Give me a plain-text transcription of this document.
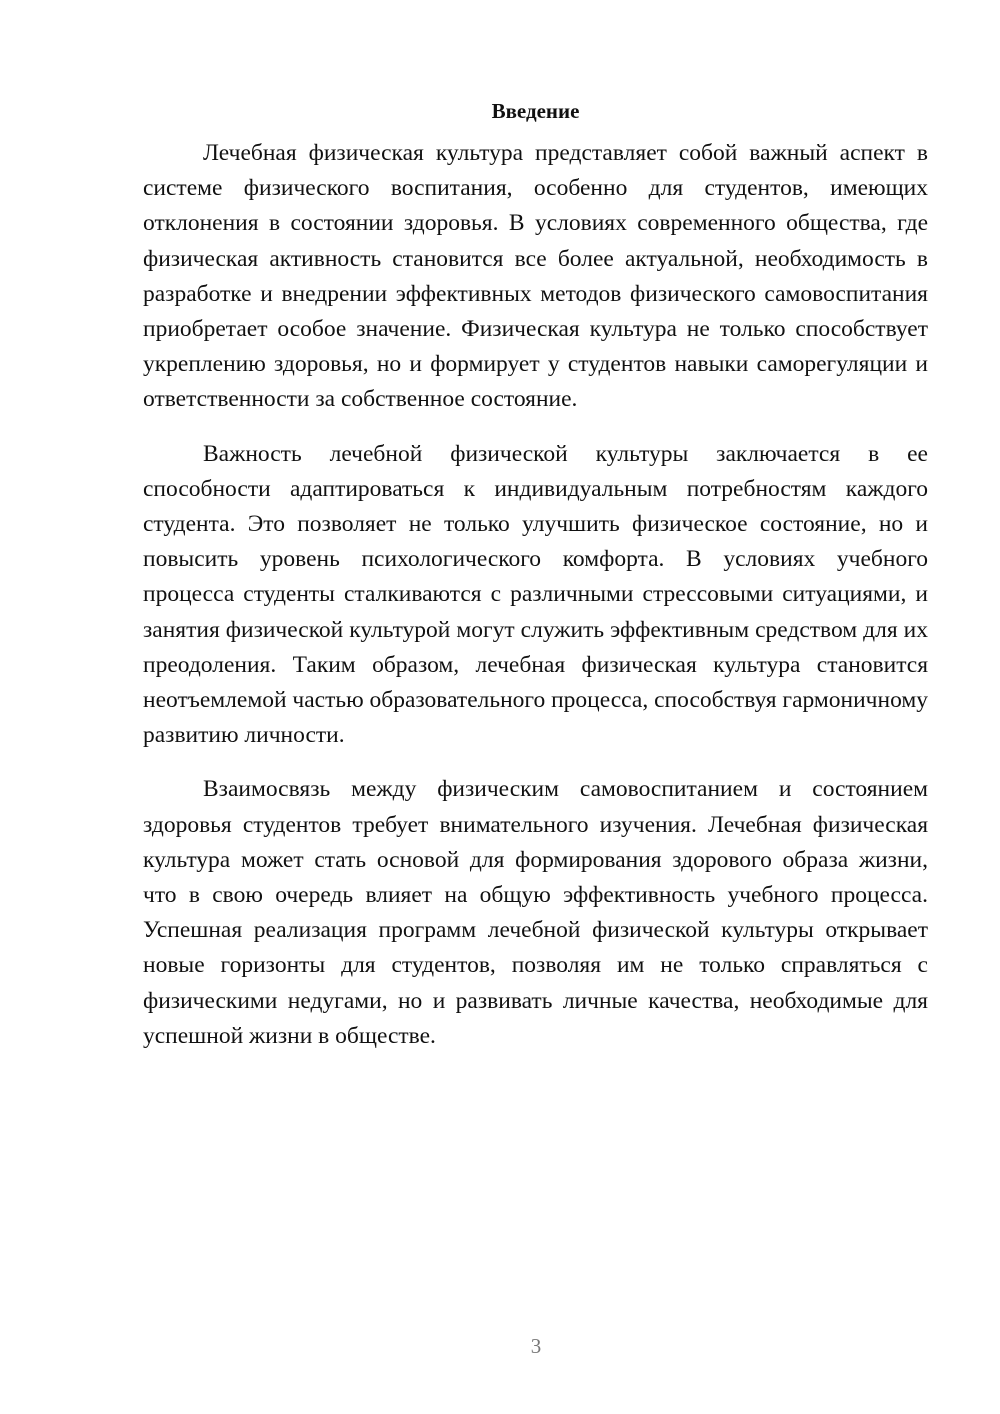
Введение

Лечебная физическая культура представляет собой важный аспект в системе физического воспитания, особенно для студентов, имеющих отклонения в состоянии здоровья. В условиях современного общества, где физическая активность становится все более актуальной, необходимость в разработке и внедрении эффективных методов физического самовоспитания приобретает особое значение. Физическая культура не только способствует укреплению здоровья, но и формирует у студентов навыки саморегуляции и ответственности за собственное состояние.

Важность лечебной физической культуры заключается в ее способности адаптироваться к индивидуальным потребностям каждого студента. Это позволяет не только улучшить физическое состояние, но и повысить уровень психологического комфорта. В условиях учебного процесса студенты сталкиваются с различными стрессовыми ситуациями, и занятия физической культурой могут служить эффективным средством для их преодоления. Таким образом, лечебная физическая культура становится неотъемлемой частью образовательного процесса, способствуя гармоничному развитию личности.

Взаимосвязь между физическим самовоспитанием и состоянием здоровья студентов требует внимательного изучения. Лечебная физическая культура может стать основой для формирования здорового образа жизни, что в свою очередь влияет на общую эффективность учебного процесса. Успешная реализация программ лечебной физической культуры открывает новые горизонты для студентов, позволяя им не только справляться с физическими недугами, но и развивать личные качества, необходимые для успешной жизни в обществе.

3
